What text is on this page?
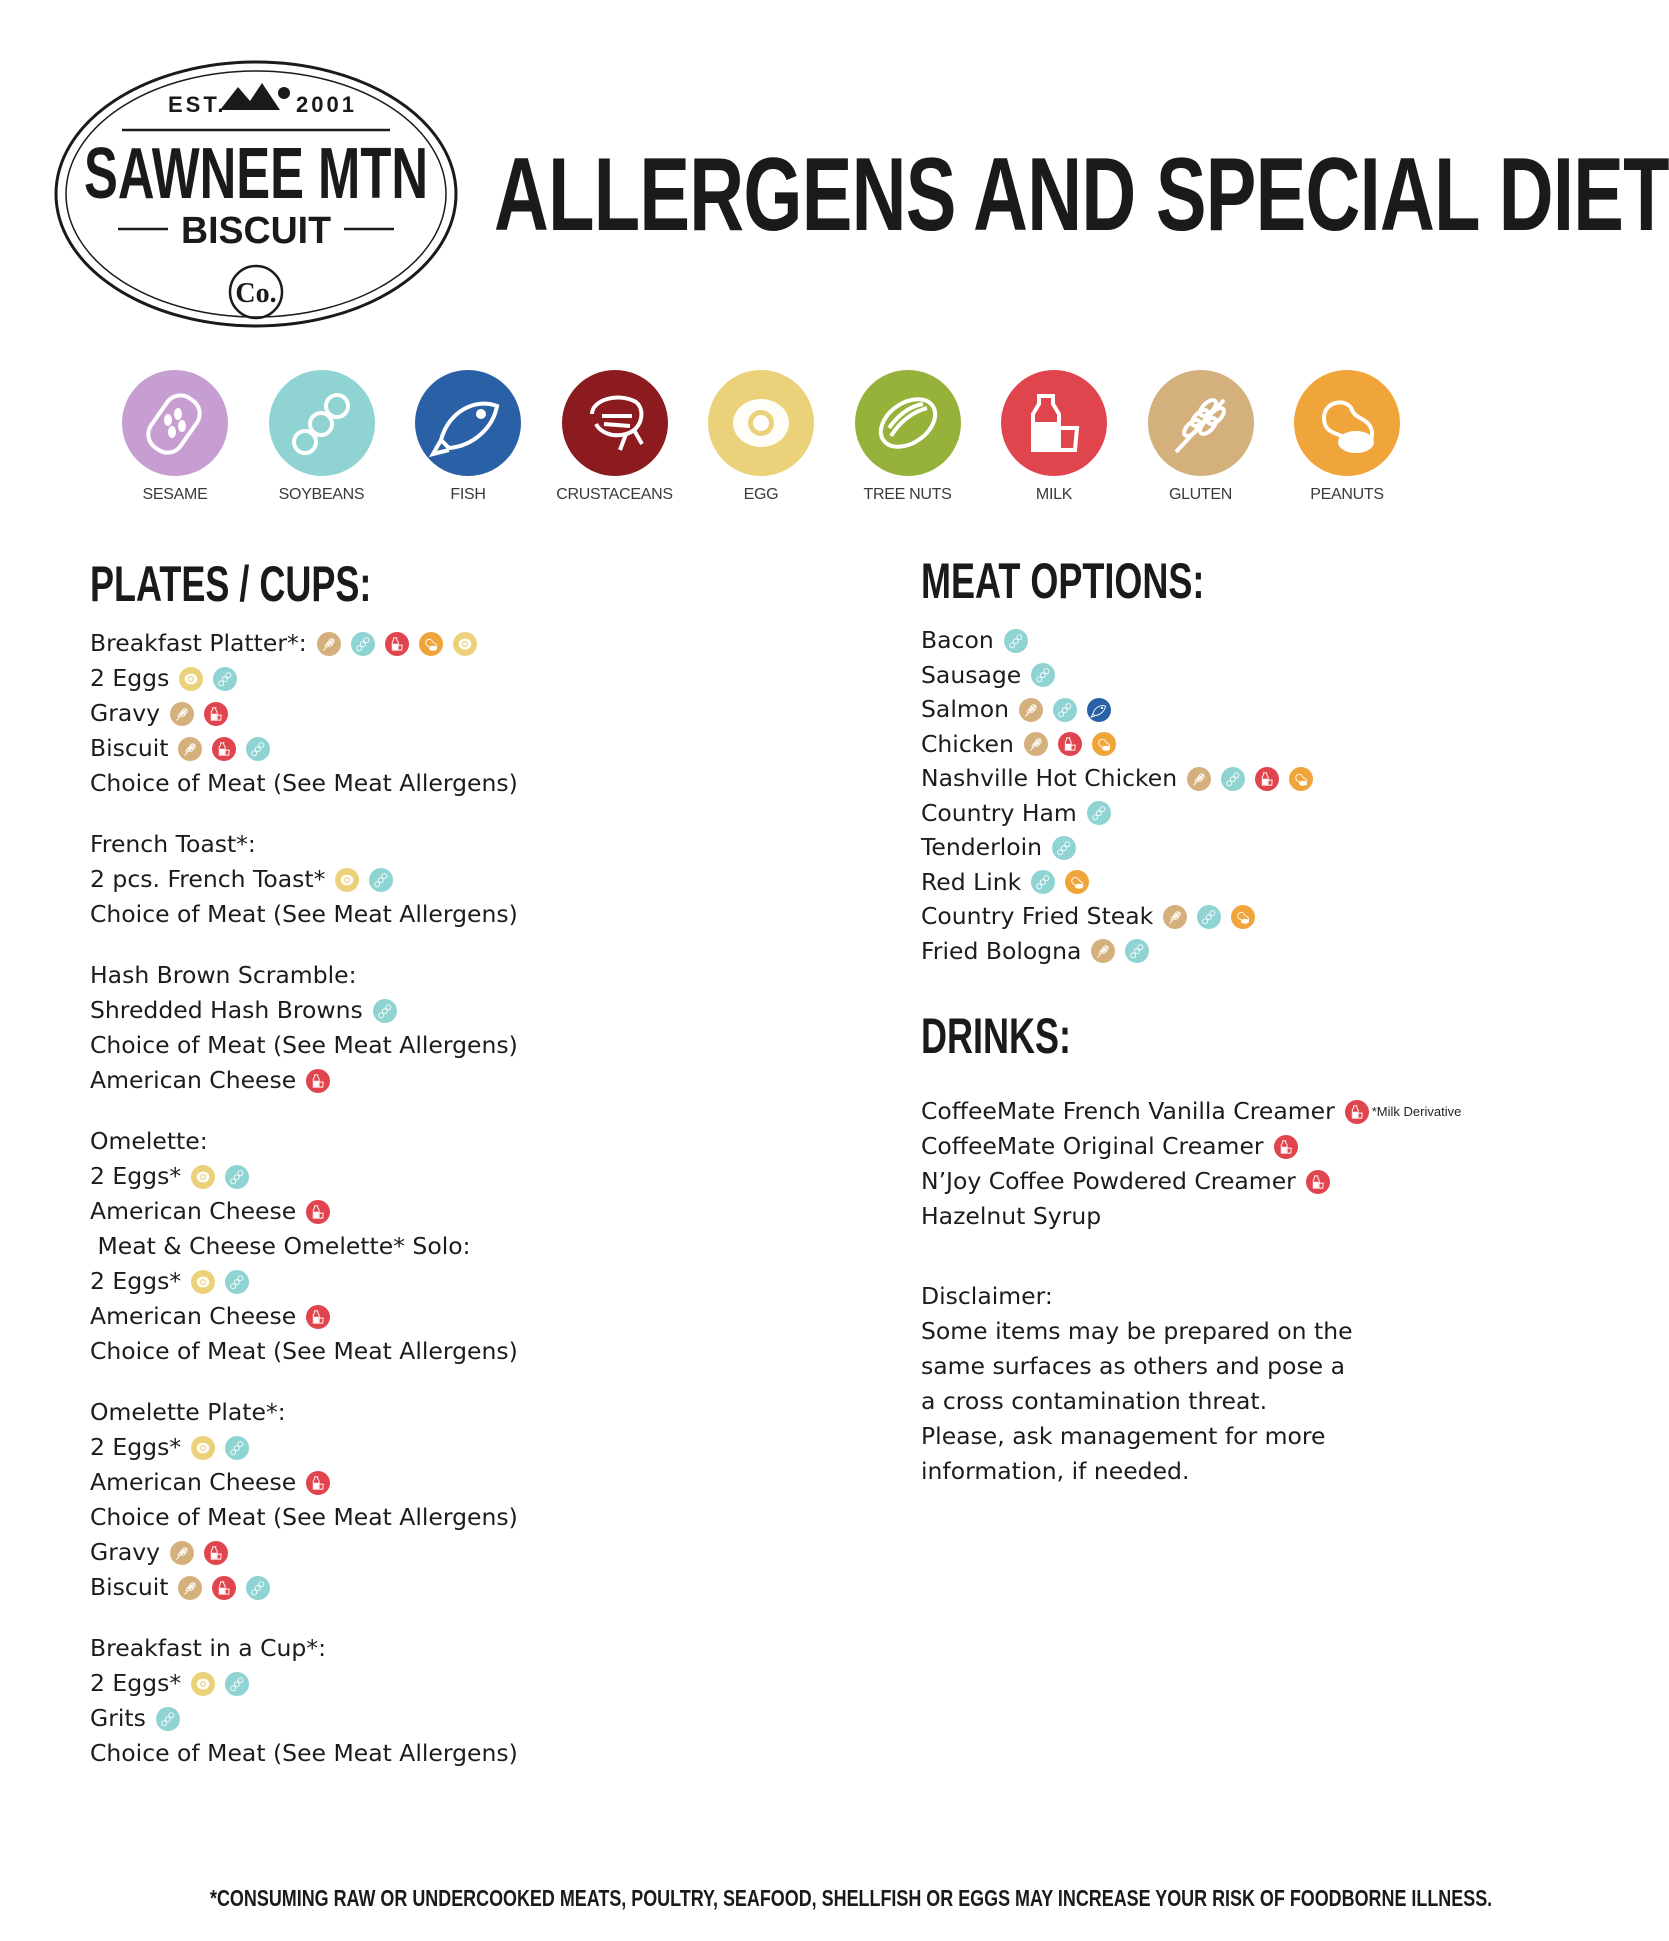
EST.	2001
SAWNEE MTN
BISCUIT
Co.
ALLERGENS AND SPECIAL DIET
SESAME	SOYBEANS	FISH	CRUSTACEANS	EGG	TREE NUTS	MILK	GLUTEN	PEANUTS
PLATES / CUPS:
Breakfast Platter*:
2 Eggs
Gravy
Biscuit
Choice of Meat (See Meat Allergens)
French Toast*:
2 pcs. French Toast*
Choice of Meat (See Meat Allergens)
Hash Brown Scramble:
Shredded Hash Browns
Choice of Meat (See Meat Allergens)
American Cheese
Omelette:
2 Eggs*
American Cheese
Meat & Cheese Omelette* Solo:
2 Eggs*
American Cheese
Choice of Meat (See Meat Allergens)
Omelette Plate*:
2 Eggs*
American Cheese
Choice of Meat (See Meat Allergens)
Gravy
Biscuit
Breakfast in a Cup*:
2 Eggs*
Grits
Choice of Meat (See Meat Allergens)
MEAT OPTIONS:
Bacon
Sausage
Salmon
Chicken
Nashville Hot Chicken
Country Ham
Tenderloin
Red Link
Country Fried Steak
Fried Bologna
DRINKS:
CoffeeMate French Vanilla Creamer	*Milk Derivative
CoffeeMate Original Creamer
N’Joy Coffee Powdered Creamer
Hazelnut Syrup
Disclaimer:
Some items may be prepared on the
same surfaces as others and pose a
a cross contamination threat.
Please, ask management for more
information, if needed.
*CONSUMING RAW OR UNDERCOOKED MEATS, POULTRY, SEAFOOD, SHELLFISH OR EGGS MAY INCREASE YOUR RISK OF FOODBORNE ILLNESS.
